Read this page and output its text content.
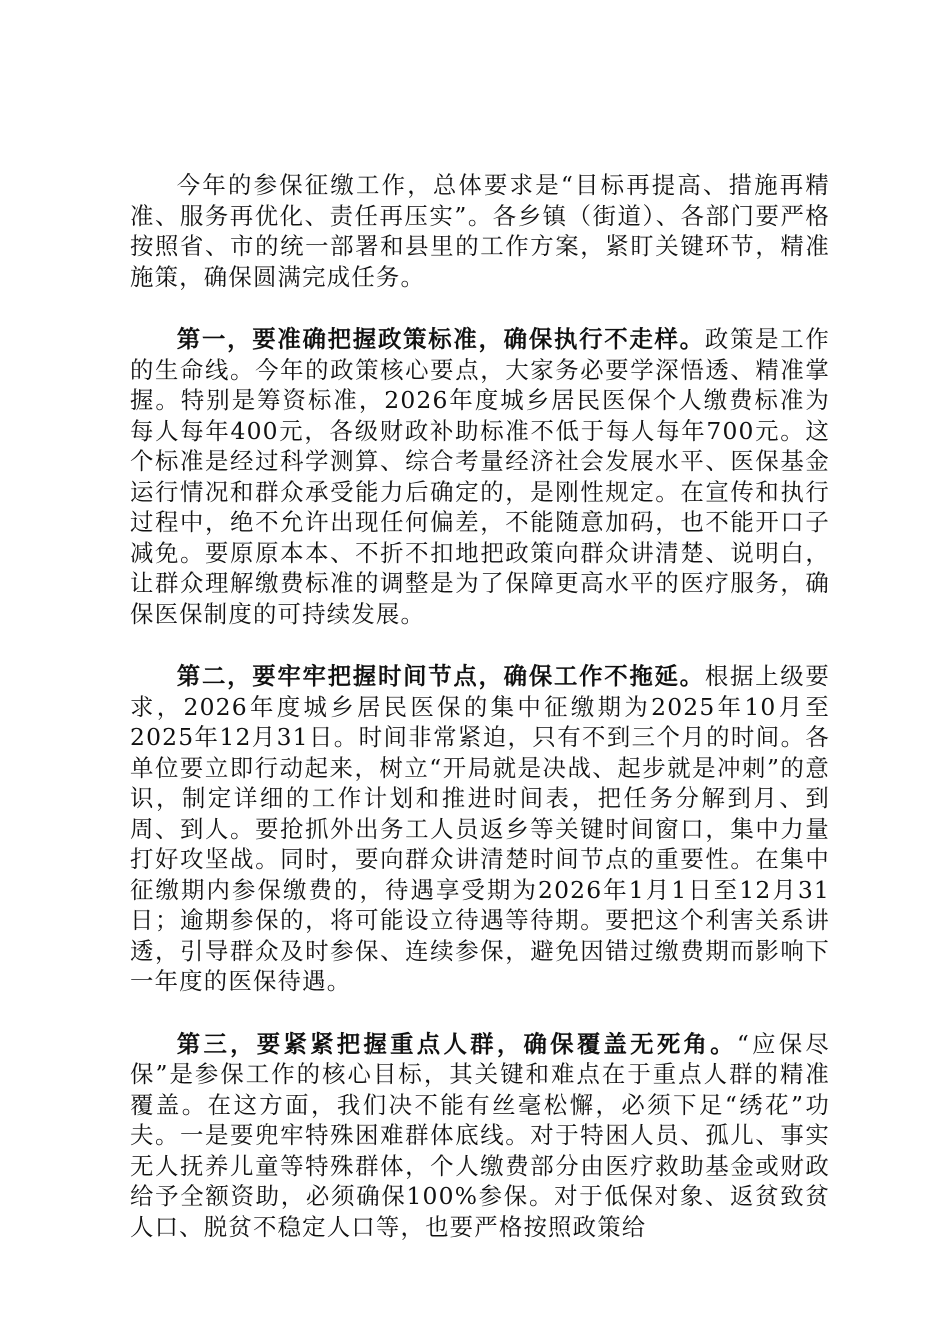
今年的参保征缴工作，总体要求是“目标再提高、措施再精准、服务再优化、责任再压实”。各乡镇（街道）、各部门要严格按照省、市的统一部署和县里的工作方案，紧盯关键环节，精准施策，确保圆满完成任务。

第一，要准确把握政策标准，确保执行不走样。政策是工作的生命线。今年的政策核心要点，大家务必要学深悟透、精准掌握。特别是筹资标准，2026年度城乡居民医保个人缴费标准为每人每年400元，各级财政补助标准不低于每人每年700元。这个标准是经过科学测算、综合考量经济社会发展水平、医保基金运行情况和群众承受能力后确定的，是刚性规定。在宣传和执行过程中，绝不允许出现任何偏差，不能随意加码，也不能开口子减免。要原原本本、不折不扣地把政策向群众讲清楚、说明白，让群众理解缴费标准的调整是为了保障更高水平的医疗服务，确保医保制度的可持续发展。

第二，要牢牢把握时间节点，确保工作不拖延。根据上级要求，2026年度城乡居民医保的集中征缴期为2025年10月至2025年12月31日。时间非常紧迫，只有不到三个月的时间。各单位要立即行动起来，树立“开局就是决战、起步就是冲刺”的意识，制定详细的工作计划和推进时间表，把任务分解到月、到周、到人。要抢抓外出务工人员返乡等关键时间窗口，集中力量打好攻坚战。同时，要向群众讲清楚时间节点的重要性。在集中征缴期内参保缴费的，待遇享受期为2026年1月1日至12月31日；逾期参保的，将可能设立待遇等待期。要把这个利害关系讲透，引导群众及时参保、连续参保，避免因错过缴费期而影响下一年度的医保待遇。

第三，要紧紧把握重点人群，确保覆盖无死角。“应保尽保”是参保工作的核心目标，其关键和难点在于重点人群的精准覆盖。在这方面，我们决不能有丝毫松懈，必须下足“绣花”功夫。一是要兜牢特殊困难群体底线。对于特困人员、孤儿、事实无人抚养儿童等特殊群体，个人缴费部分由医疗救助基金或财政给予全额资助，必须确保100%参保。对于低保对象、返贫致贫人口、脱贫不稳定人口等，也要严格按照政策给
